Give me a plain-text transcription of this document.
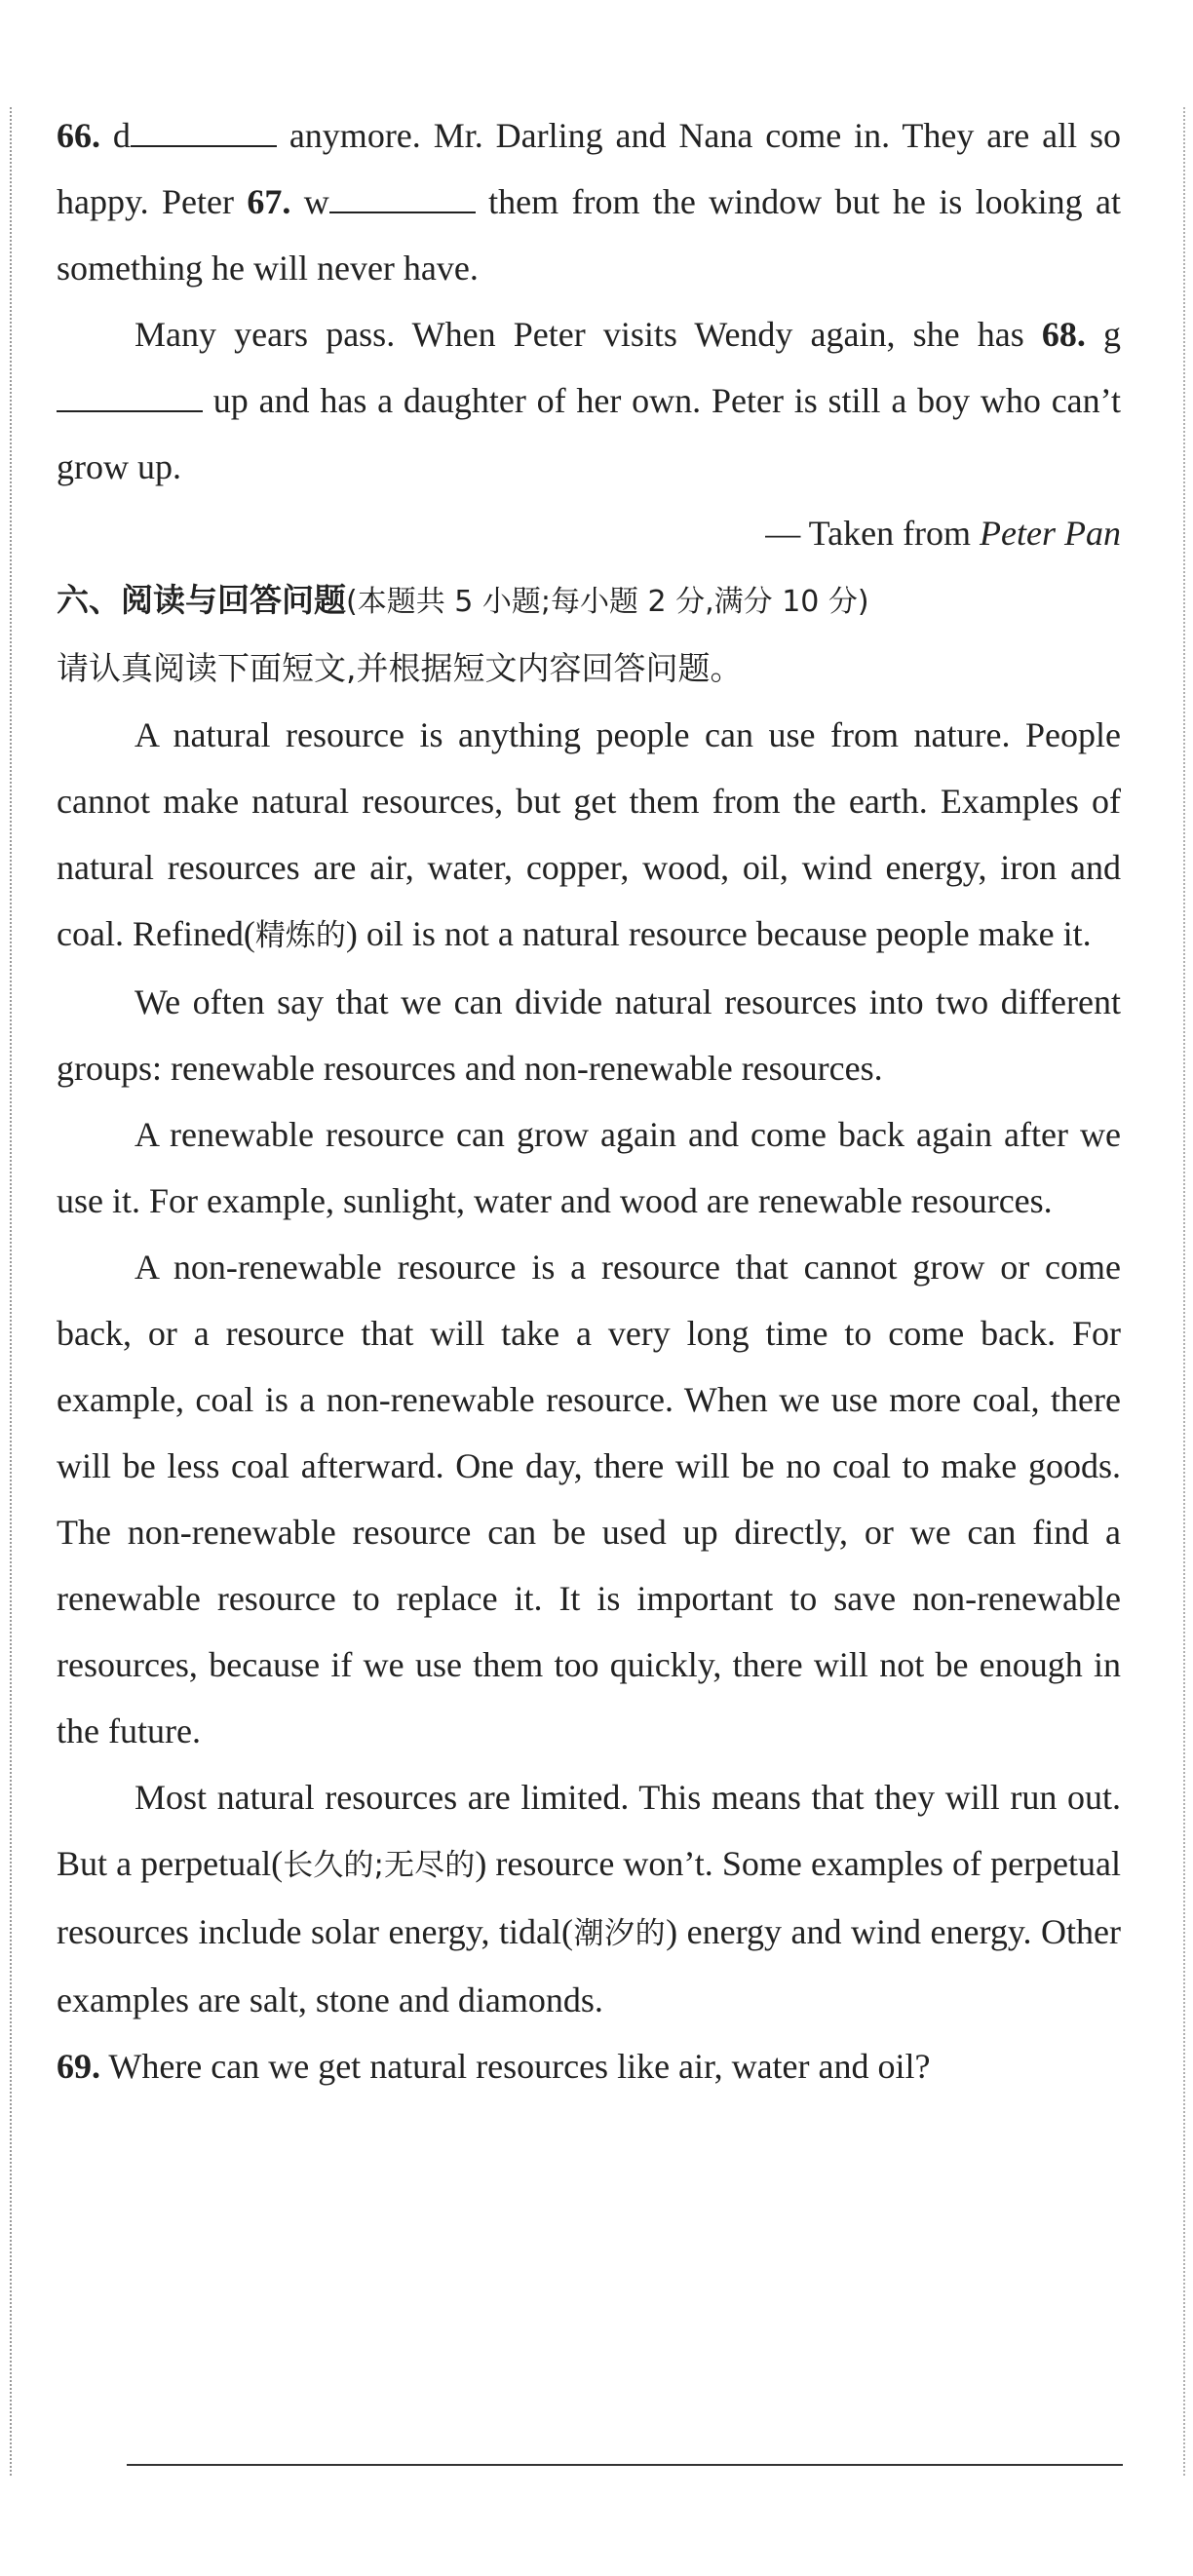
66. d	anymore. Mr. Darling and Nana come in. They are all so happy. Peter 67. w	them from the window but he is looking at something he will never have.

Many years pass. When Peter visits Wendy again, she has 68. g up and has a daughter of her own. Peter is still a boy who can’t grow up.

— Taken from Peter Pan

六、阅读与回答问题(本题共 5 小题;每小题 2 分,满分 10 分)

请认真阅读下面短文,并根据短文内容回答问题。

A natural resource is anything people can use from nature. People cannot make natural resources, but get them from the earth. Examples of natural resources are air, water, copper, wood, oil, wind energy, iron and coal. Refined(精炼的) oil is not a natural resource because people make it.

We often say that we can divide natural resources into two different groups: renewable resources and non-renewable resources.

A renewable resource can grow again and come back again after we use it. For example, sunlight, water and wood are renewable resources.

A non-renewable resource is a resource that cannot grow or come back, or a resource that will take a very long time to come back. For example, coal is a non-renewable resource. When we use more coal, there will be less coal afterward. One day, there will be no coal to make goods. The non-renewable resource can be used up directly, or we can find a renewable resource to replace it. It is important to save non-renewable resources, because if we use them too quickly, there will not be enough in the future.

Most natural resources are limited. This means that they will run out. But a perpetual(长久的;无尽的) resource won’t. Some examples of perpetual resources include solar energy, tidal(潮汐的) energy and wind energy. Other examples are salt, stone and diamonds.

69. Where can we get natural resources like air, water and oil?
